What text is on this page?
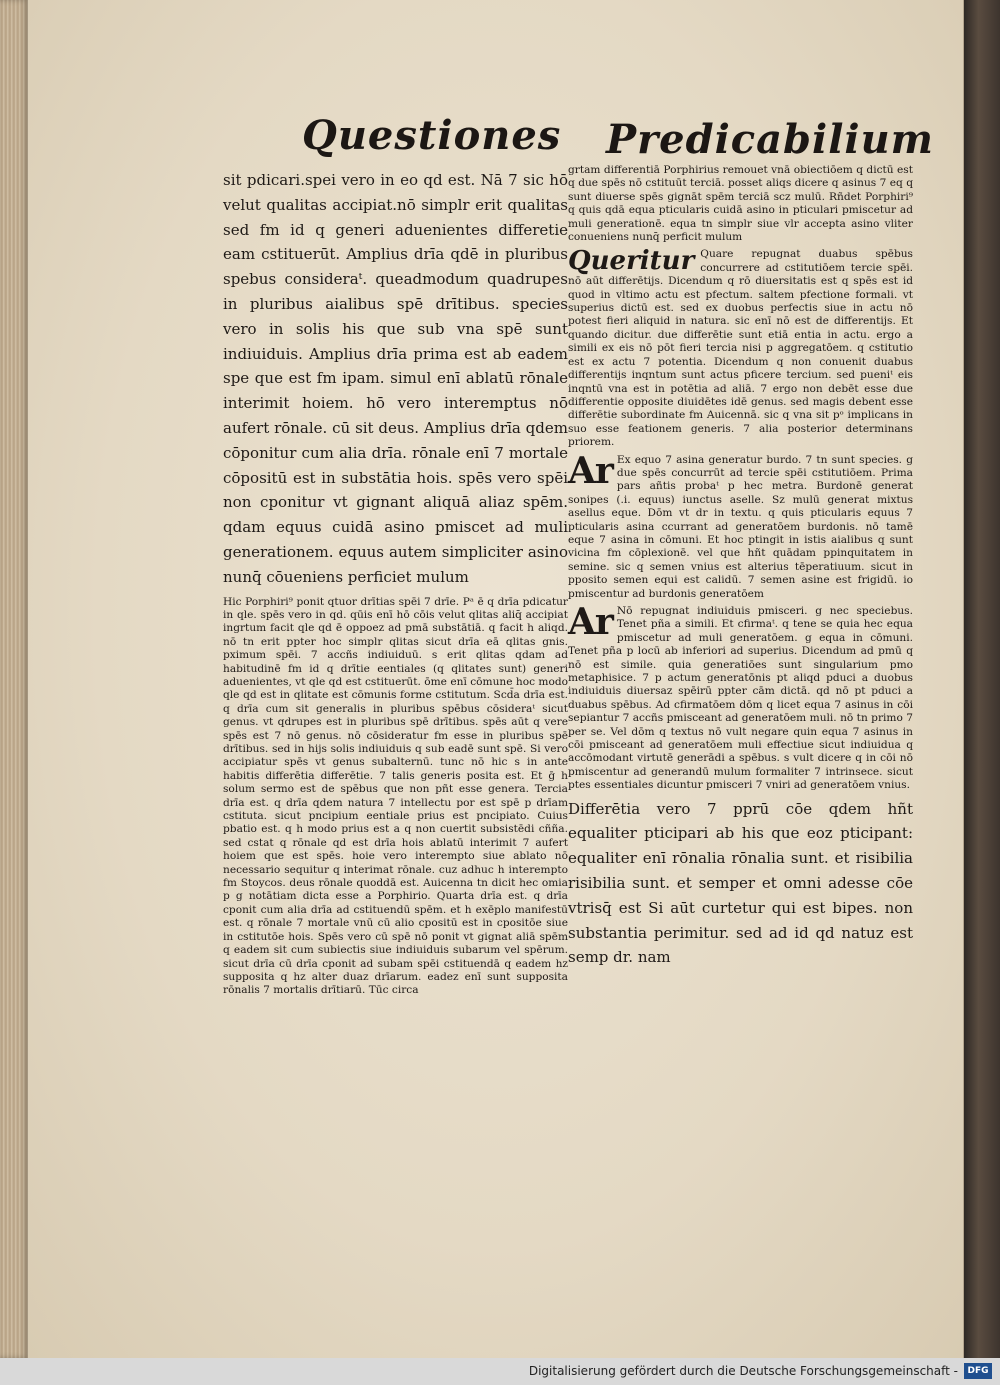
Questiones Predicabilium

sit pdicari.spei vero in eo qd est. Nā 7 sic hō velut qualitas accipiat.nō simplr erit qualitas sed fm id q generi aduenientes differetie eam cstituerūt. Amplius drīa qdē in pluribus spebus consideraᵗ. queadmodum quadrupes in pluribus aialibus spē drītibus. species vero in solis his que sub vna spē sunt indiuiduis. Amplius drīa prima est ab eadem spe que est fm ipam. simul enī ablatū rōnale interimit hoiem. hō vero interemptus nō aufert rōnale. cū sit deus. Amplius drīa qdem cōponitur cum alia drīa. rōnale enī 7 mortale cōpositū est in substātia hois. spēs vero spēi non cponitur vt gignant aliquā aliaz spēm. qdam equus cuidā asino pmiscet ad muli generationem. equus autem simpliciter asino nunq̄ cōueniens perficiet mulum

Hic Porphiri⁹ ponit qtuor drītias spēi 7 drīe. Pᵃ ē q drīa pdicatur in qle. spēs vero in qd. qūis enī hō cōis velut qlitas aliq̄ accipiat ingrtum facit qle qd ē oppoez ad pmā substātiā. q facit h aliqd. nō tn erit ppter hoc simplr qlitas sicut drīa eā qlitas gnis. pximum spēi. 7 accñs indiuiduū. s erit qlitas qdam ad habitudinē fm id q drītie eentiales (q qlitates sunt) generi aduenientes, vt qle qd est cstituerūt. ōme enī cōmune hoc modo qle qd est in qlitate est cōmunis forme cstitutum. Scd̄a drīa est. q drīa cum sit generalis in pluribus spēbus cōsideraᵗ sicut genus. vt qdrupes est in pluribus spē drītibus. spēs aūt q vere spēs est 7 nō genus. nō cōsideratur fm esse in pluribus spē drītibus. sed in hijs solis indiuiduis q sub eadē sunt spē. Si vero accipiatur spēs vt genus subalternū. tunc nō hic s in ante habitis differētia differētie. 7 talis generis posita est. Et ḡ h solum sermo est de spēbus que non pñt esse genera. Tercia drīa est. q drīa qdem natura 7 intellectu por est spē p drīam cstituta. sicut pncipium eentiale prius est pncipiato. Cuius pbatio est. q h modo prius est a q non cuertit subsistēdi cñña. sed cstat q rōnale qd est drīa hois ablatū interimit 7 aufert hoiem que est spēs. hoie vero interempto siue ablato nō necessario sequitur q interimat rōnale. cuz adhuc h interempto fm Stoycos. deus rōnale quoddā est. Auicenna tn dicit hec omia p g notātiam dicta esse a Porphirio. Quarta drīa est. q drīa cponit cum alia drīa ad cstituendū spēm. et h exēplo manifestū est. q rōnale 7 mortale vnū cū alio cpositū est in cpositōe siue in cstitutōe hois. Spēs vero cū spē nō ponit vt gignat aliā spēm q eadem sit cum subiectis siue indiuiduis subarum vel spērum. sicut drīa cū drīa cponit ad subam spēi cstituendā q eadem hz supposita q hz alter duaz drīarum. eadez enī sunt supposita rōnalis 7 mortalis drītiarū. Tūc circa

grtam differentiā Porphirius remouet vnā obiectiōem q dictū est q due spēs nō cstituūt terciā. posset aliqs dicere q asinus 7 eq q sunt diuerse spēs gignāt spēm terciā scz mulū. Rñdet Porphiri⁹ q quis qdā equa pticularis cuidā asino in pticulari pmiscetur ad muli generationē. equa tn simplr siue vlr accepta asino vliter conueniens nunq̄ perficit mulum

Queritur Quare repugnat duabus spēbus concurrere ad cstitutiōem tercie spēi. nō aūt differētijs. Dicendum q rō diuersitatis est q spēs est id quod in vltimo actu est pfectum. saltem pfectione formali. vt superius dictū est. sed ex duobus perfectis siue in actu nō potest fieri aliquid in natura. sic enī nō est de differentijs. Et quando dicitur. due differētie sunt etiā entia in actu. ergo a simili ex eis nō pōt fieri tercia nisi p aggregatōem. q cstitutio est ex actu 7 potentia. Dicendum q non conuenit duabus differentijs inqntum sunt actus pficere tercium. sed pueniᵗ eis inqntū vna est in potētia ad aliā. 7 ergo non debēt esse due differentie opposite diuidētes idē genus. sed magis debent esse differētie subordinate fm Auicennā. sic q vna sit pᵒ implicans in suo esse feationem generis. 7 alia posterior determinans priorem.
Ar Ex equo 7 asina generatur burdo. 7 tn sunt species. g due spēs concurrūt ad tercie spēi cstitutiōem. Prima pars añtis probaᵗ p hec metra. Burdonē generat sonipes (.i. equus) iunctus aselle. Sz mulū generat mixtus asellus eque. Dōm vt dr in textu. q quis pticularis equus 7 pticularis asina ccurrant ad generatōem burdonis. nō tamē eque 7 asina in cōmuni. Et hoc ptingit in istis aialibus q sunt vicina fm cōplexionē. vel que hñt quādam ppinquitatem in semine. sic q semen vnius est alterius tēperatiuum. sicut in pposito semen equi est calidū. 7 semen asine est frigidū. io pmiscentur ad burdonis generatōem
Ar Nō repugnat indiuiduis pmisceri. g nec speciebus. Tenet pña a simili. Et cfirmaᵗ. q tene se quia hec equa pmiscetur ad muli generatōem. g equa in cōmuni. Tenet pña p locū ab inferiori ad superius. Dicendum ad pmū q nō est simile. quia generatiōes sunt singularium pmo metaphisice. 7 p actum generatōnis pt aliqd pduci a duobus indiuiduis diuersaz spēirū ppter cām dictā. qd nō pt pduci a duabus spēbus. Ad cfirmatōem dōm q licet equa 7 asinus in cōi sepiantur 7 accñs pmisceant ad generatōem muli. nō tn primo 7 per se. Vel dōm q textus nō vult negare quin equa 7 asinus in cōi pmisceant ad generatōem muli effectiue sicut indiuidua q accōmodant virtutē generādi a spēbus. s vult dicere q in cōi nō pmiscentur ad generandū mulum formaliter 7 intrinsece. sicut ptes essentiales dicuntur pmisceri 7 vniri ad generatōem vnius.

Differētia vero 7 pprū cōe qdem hñt equaliter pticipari ab his que eoz pticipant: equaliter enī rōnalia rōnalia sunt. et risibilia risibilia sunt. et semper et omni adesse cōe vtrisq̄ est Si aūt curtetur qui est bipes. non substantia perimitur. sed ad id qd natuz est semp dr. nam

Digitalisierung gefördert durch die Deutsche Forschungsgemeinschaft -	DFG
